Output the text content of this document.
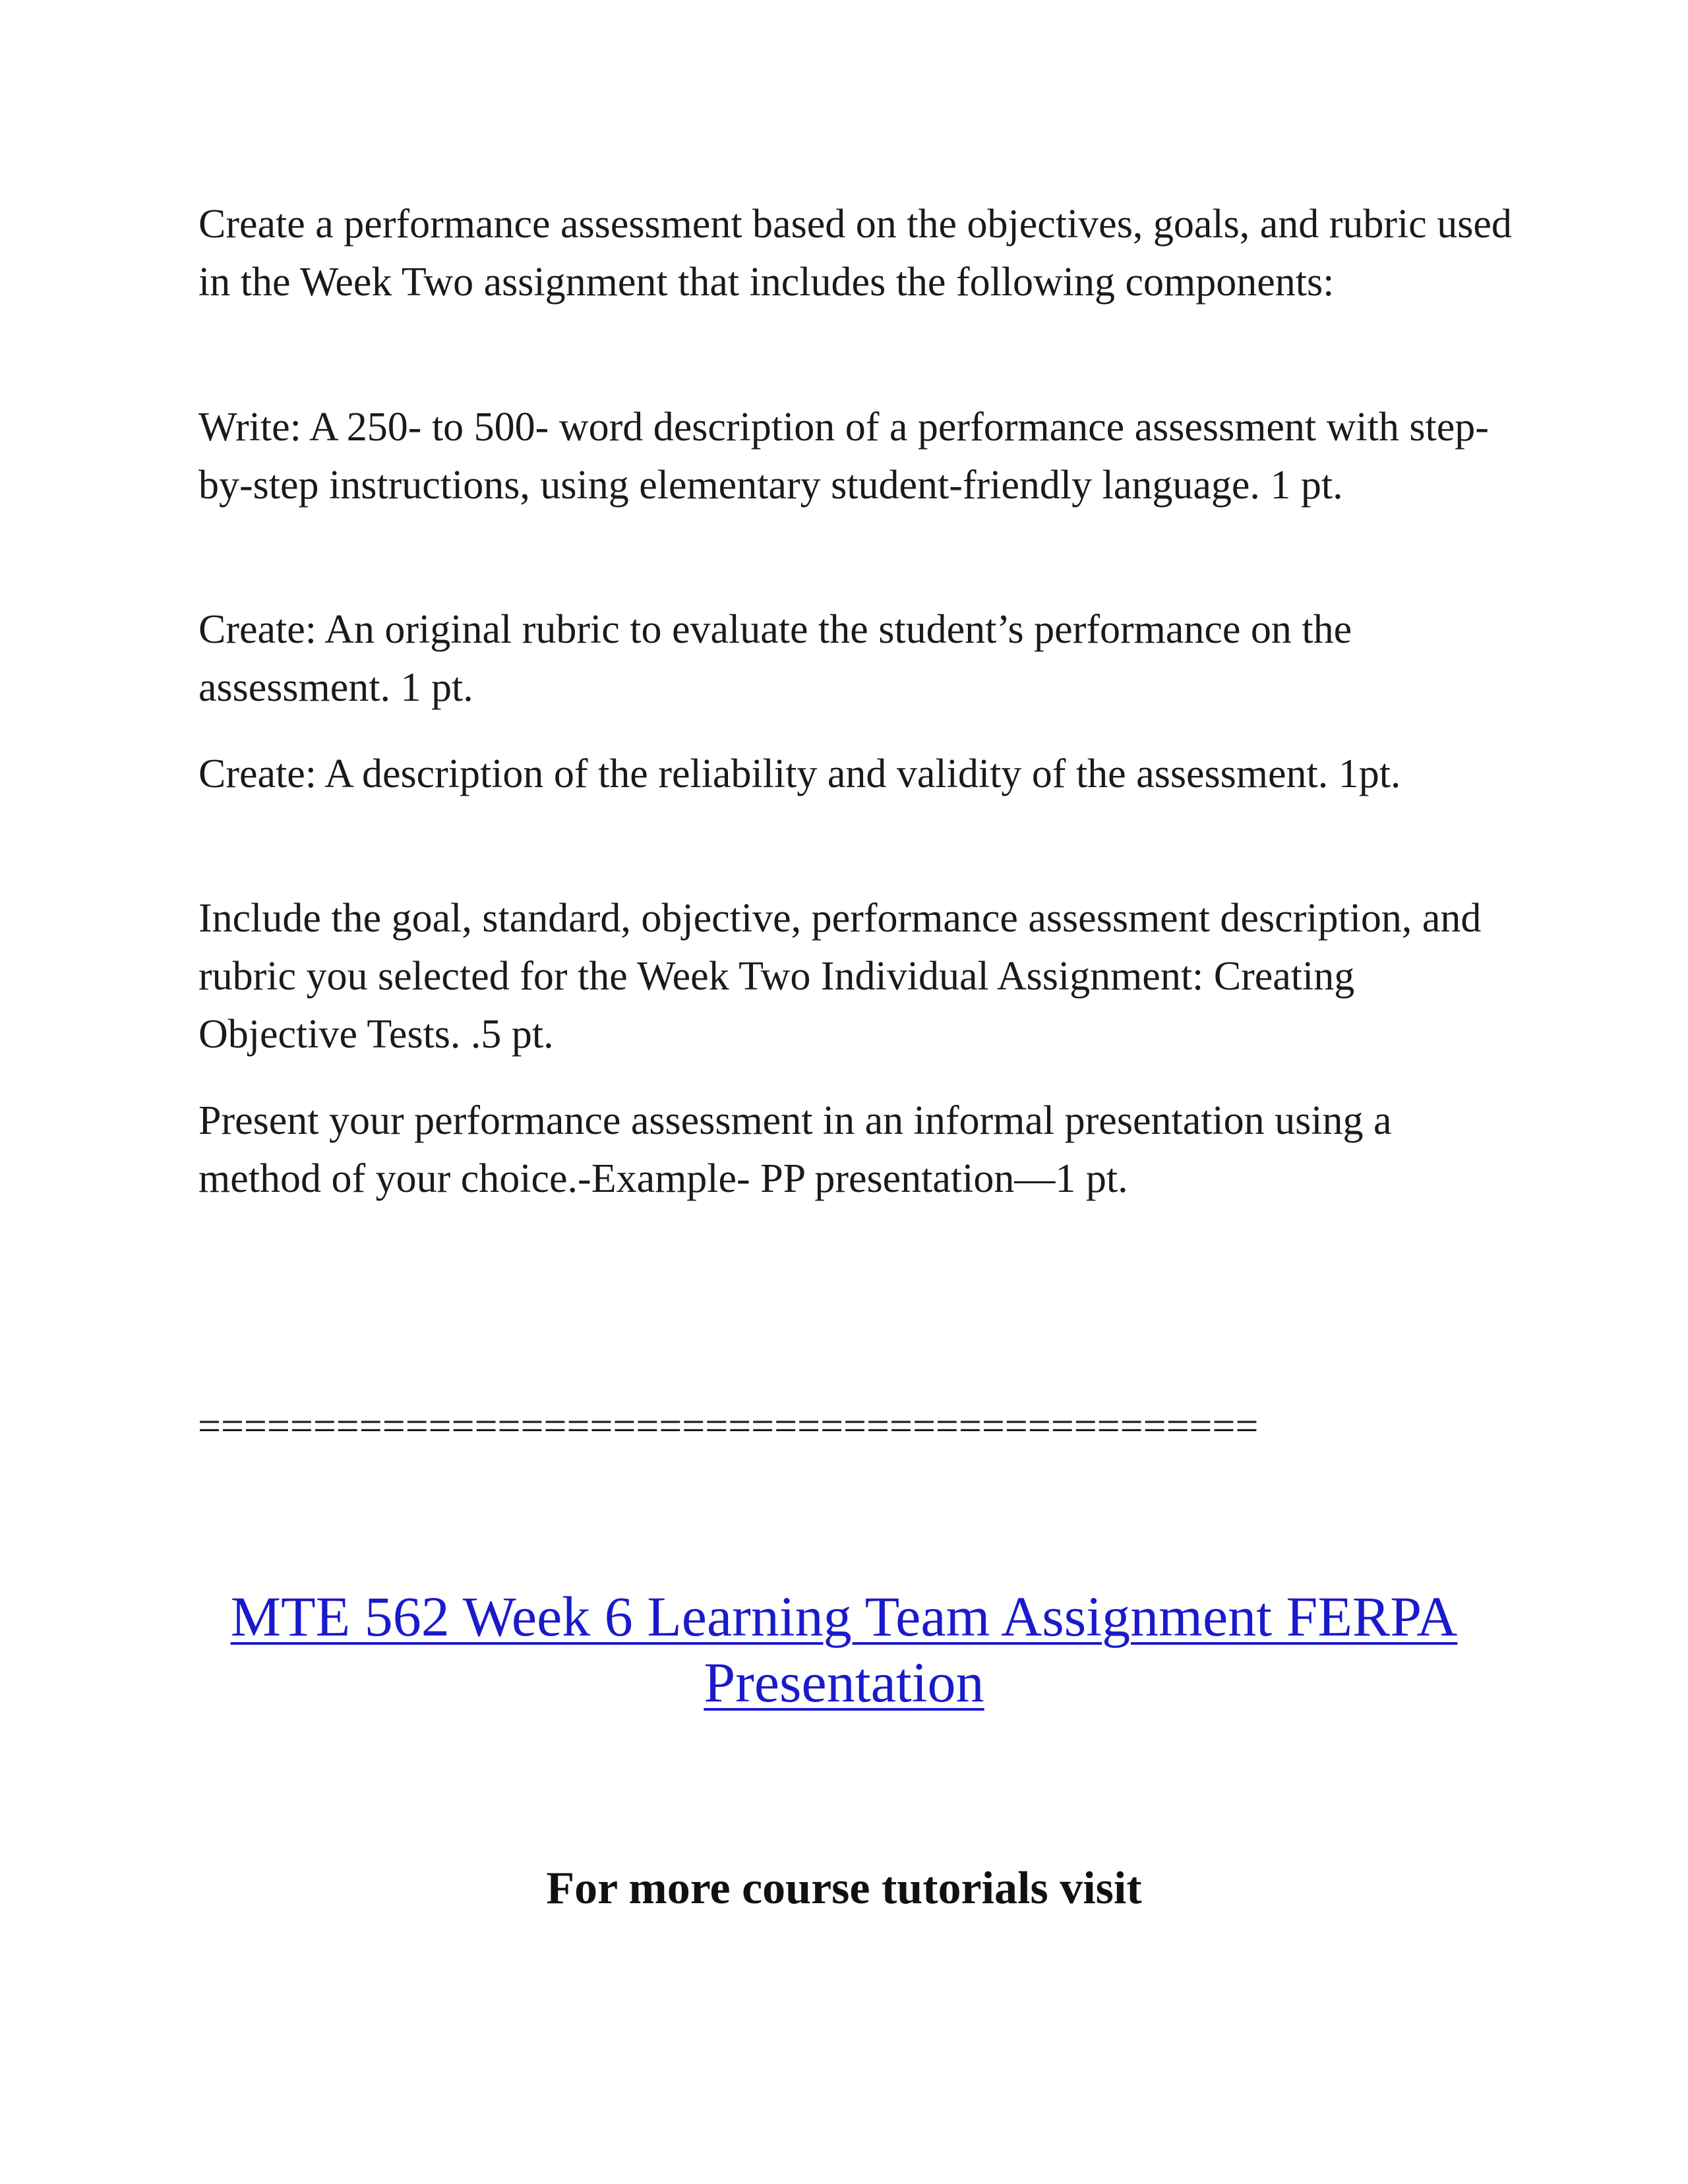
Create a performance assessment based on the objectives, goals, and rubric used in the Week Two assignment that includes the following components:

Write: A 250- to 500- word description of a performance assessment with step-by-step instructions, using elementary student-friendly language. 1 pt.

Create: An original rubric to evaluate the student’s performance on the assessment. 1 pt.

Create: A description of the reliability and validity of the assessment. 1pt.

Include the goal, standard, objective, performance assessment description, and rubric you selected for the Week Two Individual Assignment: Creating Objective Tests. .5 pt.

Present your performance assessment in an informal presentation using a method of your choice.-Example- PP presentation—1 pt.

==============================================
MTE 562 Week 6 Learning Team Assignment FERPA Presentation

For more course tutorials visit
